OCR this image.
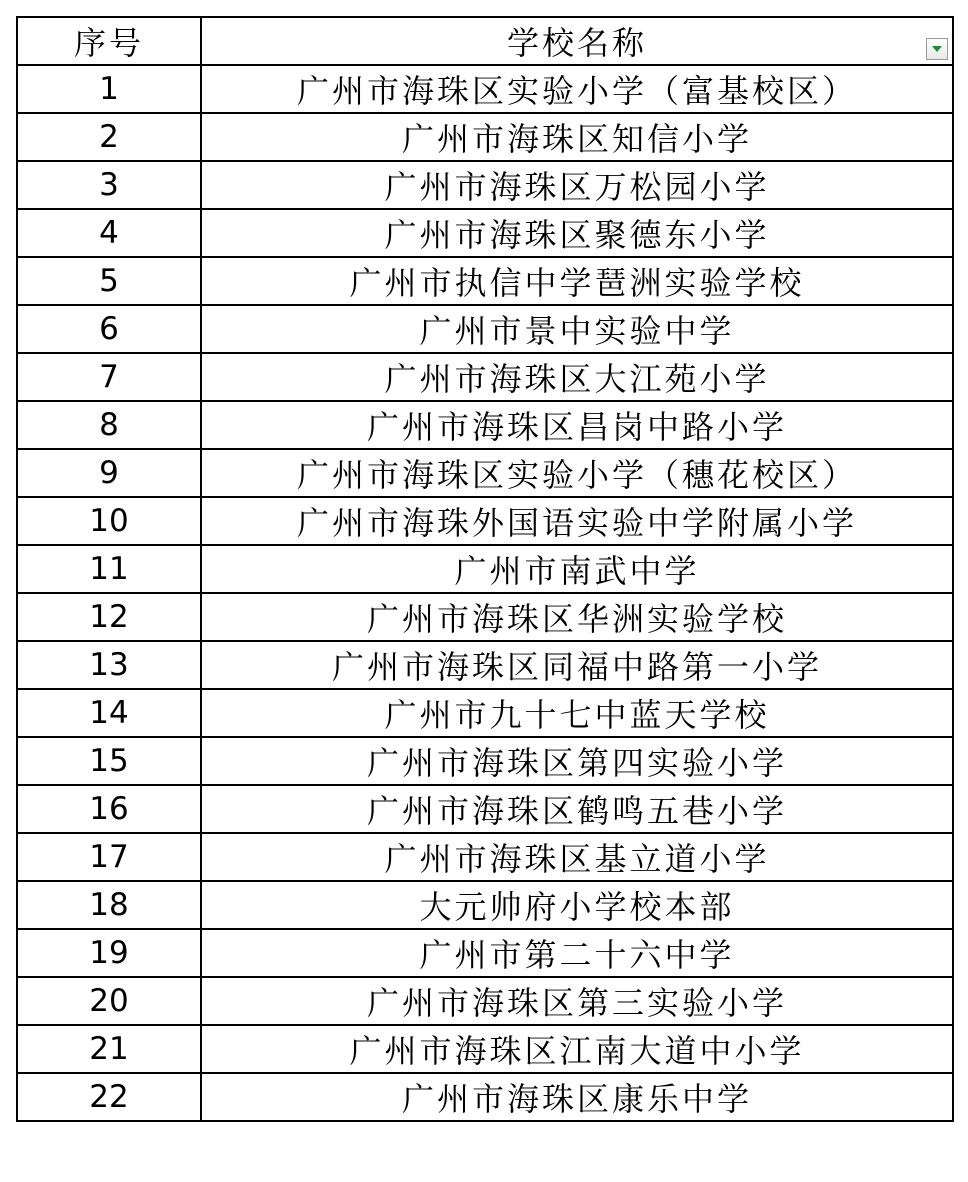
序号	学校名称

1	广州市海珠区实验小学（富基校区）
2	广州市海珠区知信小学
3	广州市海珠区万松园小学
4	广州市海珠区聚德东小学
5	广州市执信中学琶洲实验学校
6	广州市景中实验中学
7	广州市海珠区大江苑小学
8	广州市海珠区昌岗中路小学
9	广州市海珠区实验小学（穗花校区）
10	广州市海珠外国语实验中学附属小学
11	广州市南武中学
12	广州市海珠区华洲实验学校
13	广州市海珠区同福中路第一小学
14	广州市九十七中蓝天学校
15	广州市海珠区第四实验小学
16	广州市海珠区鹤鸣五巷小学
17	广州市海珠区基立道小学
18	大元帅府小学校本部
19	广州市第二十六中学
20	广州市海珠区第三实验小学
21	广州市海珠区江南大道中小学
22	广州市海珠区康乐中学
